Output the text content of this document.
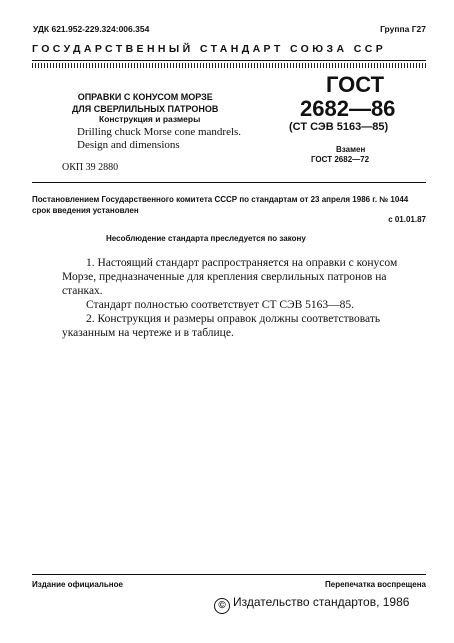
УДК 621.952-229.324:006.354	Группа Г27
ГОСУДАРСТВЕННЫЙ СТАНДАРТ СОЮЗА ССР
ОПРАВКИ С КОНУСОМ МОРЗЕ
ДЛЯ СВЕРЛИЛЬНЫХ ПАТРОНОВ
Конструкция и размеры
Drilling chuck Morse cone mandrels.
Design and dimensions
ГОСТ
2682—86
(СТ СЭВ 5163—85)
Взамен
ГОСТ 2682—72
ОКП 39 2880
Постановлением Государственного комитета СССР по стандартам от 23 апреля 1986 г. № 1044 срок введения установлен
с 01.01.87
Несоблюдение стандарта преследуется по закону

1. Настоящий стандарт распространяется на оправки с конусом Морзе, предназначенные для крепления сверлильных патронов на станках.

Стандарт полностью соответствует СТ СЭВ 5163—85.

2. Конструкция и размеры оправок должны соответствовать указанным на чертеже и в таблице.

Издание официальное	Перепечатка воспрещена
© Издательство стандартов, 1986
